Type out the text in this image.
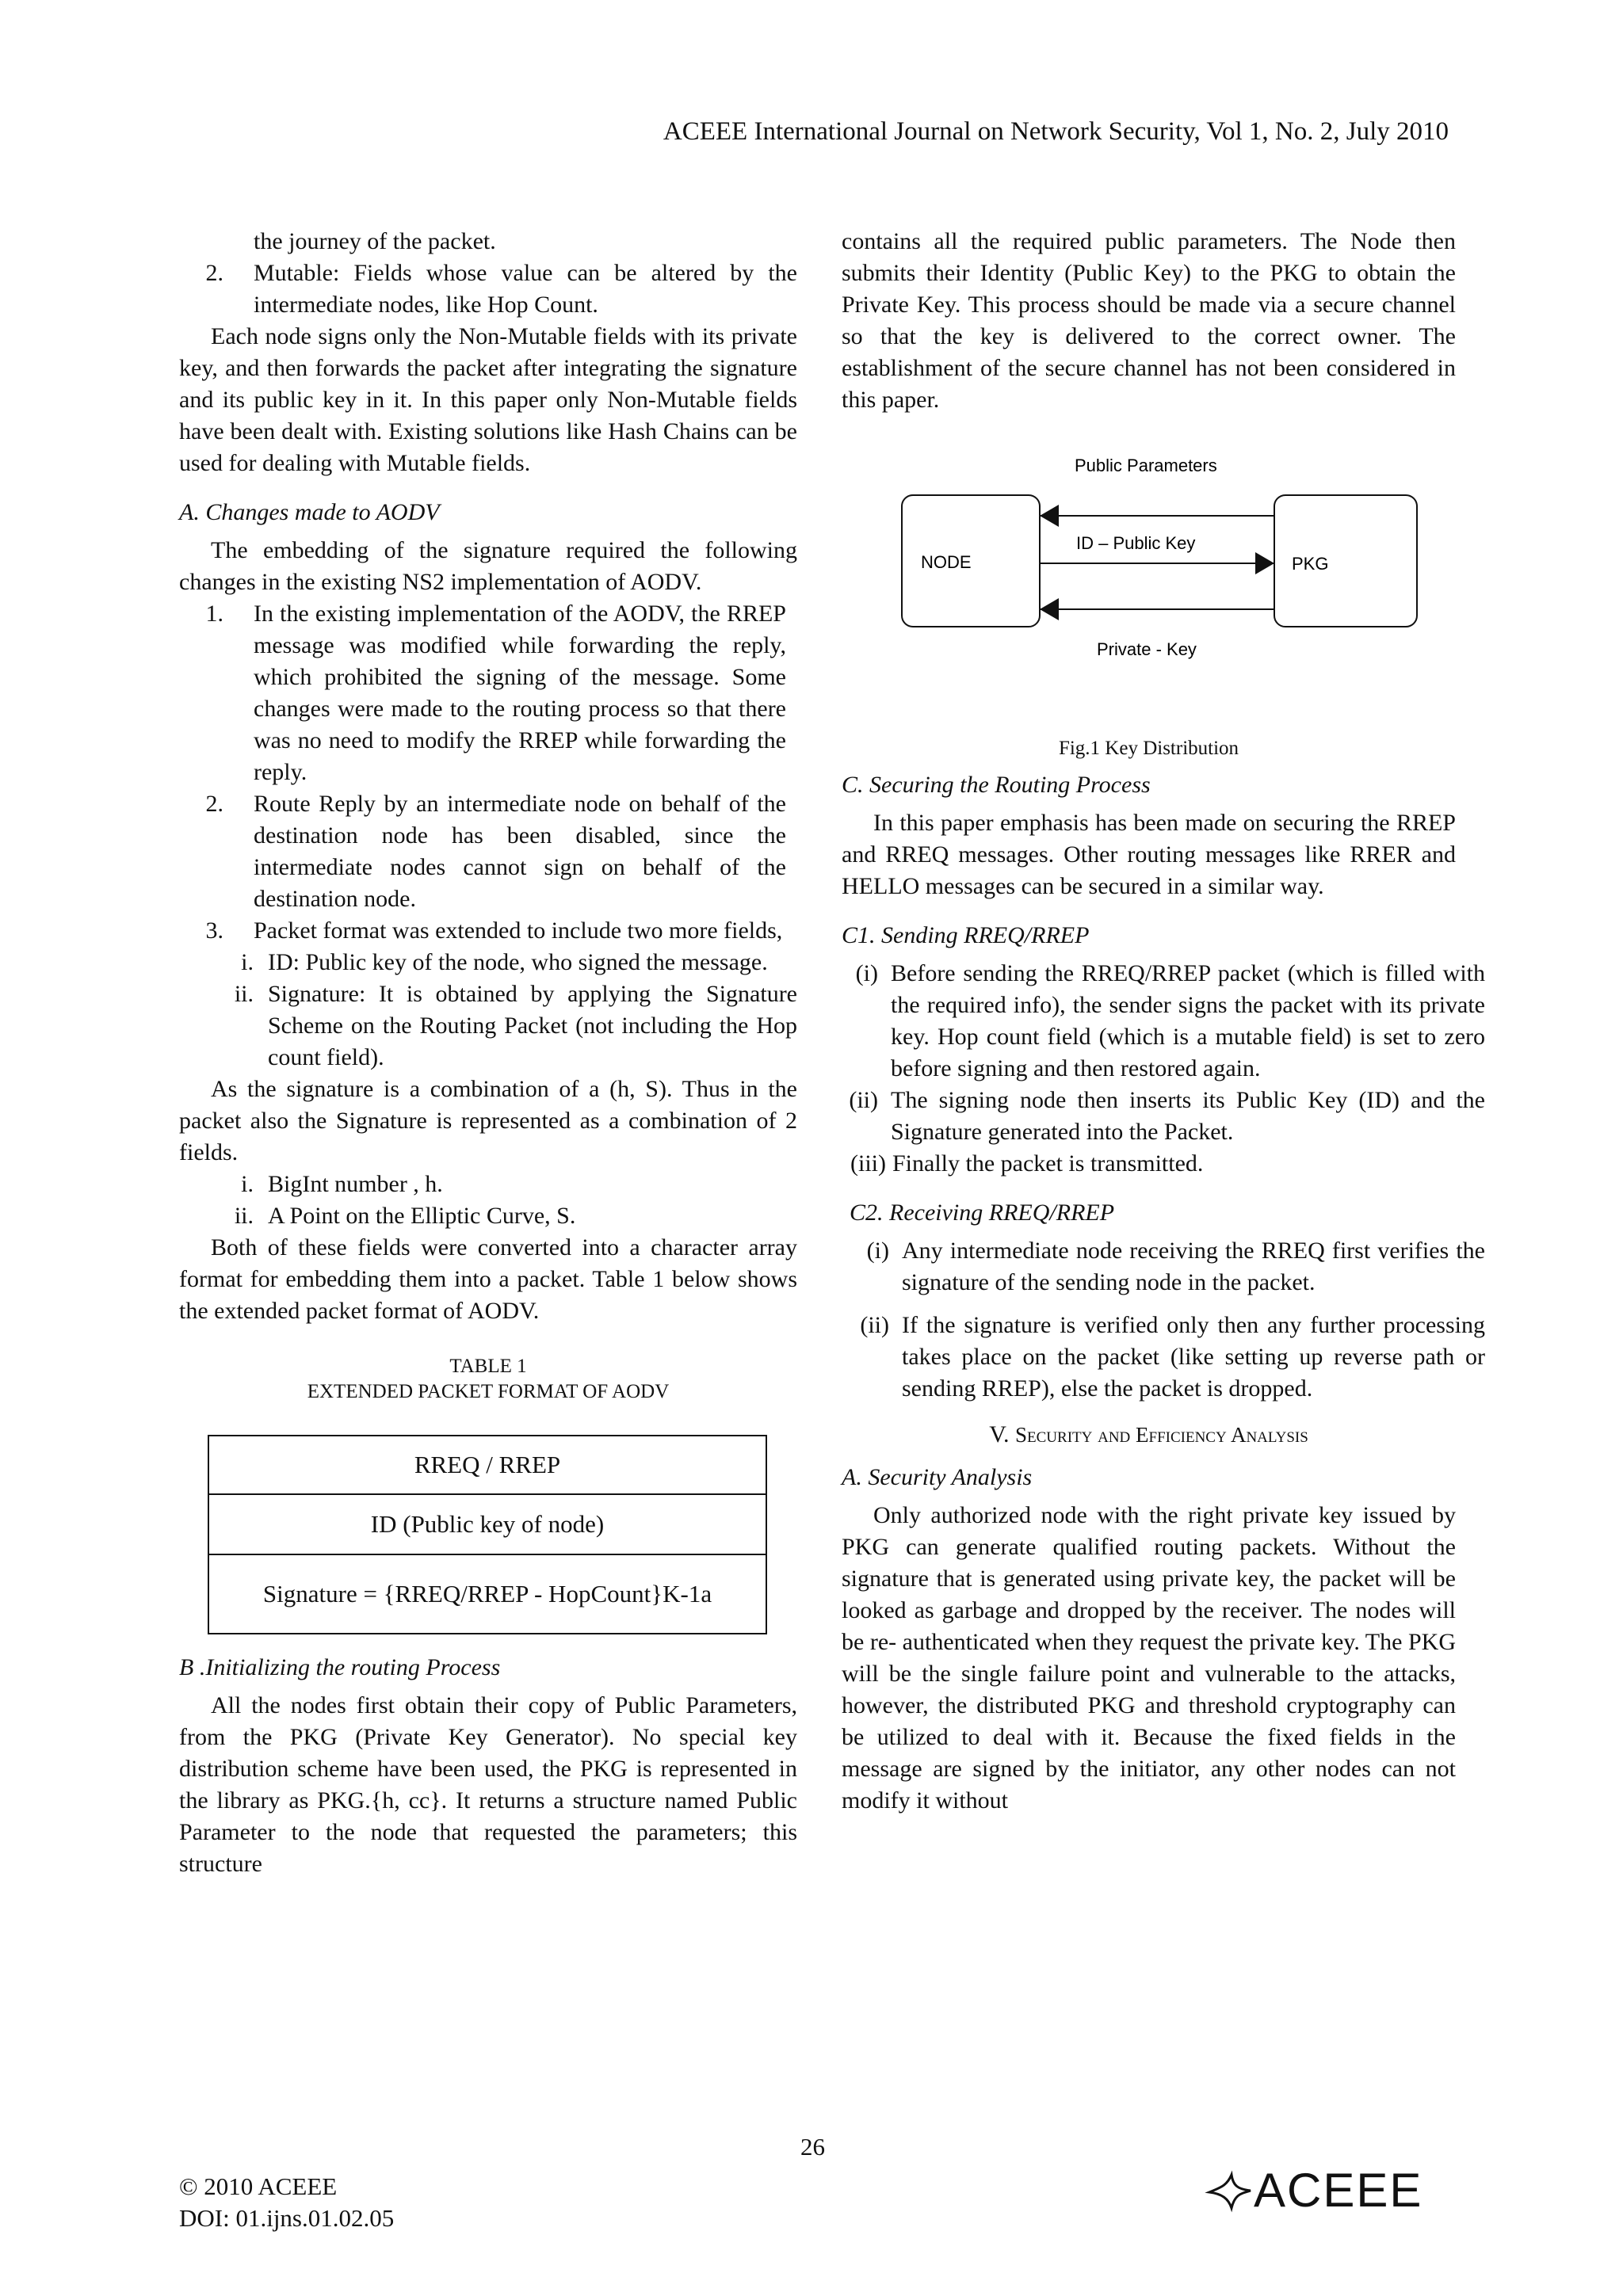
ACEEE International Journal on Network Security, Vol 1, No. 2, July 2010

the journey of the packet.

2.	Mutable: Fields whose value can be altered by the intermediate nodes, like Hop Count.

Each node signs only the Non-Mutable fields with its private key, and then forwards the packet after integrating the signature and its public key in it. In this paper only Non-Mutable fields have been dealt with. Existing solutions like Hash Chains can be used for dealing with Mutable fields.

A. Changes made to AODV

The embedding of the signature required the following changes in the existing NS2 implementation of AODV.

1.	In the existing implementation of the AODV, the RREP message was modified while forwarding the reply, which prohibited the signing of the message. Some changes were made to the routing process so that there was no need to modify the RREP while forwarding the reply.
2.	Route Reply by an intermediate node on behalf of the destination node has been disabled, since the intermediate nodes cannot sign on behalf of the destination node.
3.	Packet format was extended to include two more fields,
i. ID: Public key of the node, who signed the message.
ii. Signature: It is obtained by applying the Signature Scheme on the Routing Packet (not including the Hop count field).

As the signature is a combination of a (h, S). Thus in the packet also the Signature is represented as a combination of 2 fields.

i. BigInt number , h.
ii. A Point on the Elliptic Curve, S.

Both of these fields were converted into a character array format for embedding them into a packet. Table 1 below shows the extended packet format of AODV.

TABLE 1
EXTENDED PACKET FORMAT OF AODV
RREQ / RREP
ID (Public key of node)
Signature = {RREQ/RREP - HopCount}K-1a

B .Initializing the routing Process

All the nodes first obtain their copy of Public Parameters, from the PKG (Private Key Generator). No special key distribution scheme have been used, the PKG is represented in the library as PKG.{h, cc}. It returns a structure named Public Parameter to the node that requested the parameters; this structure

contains all the required public parameters. The Node then submits their Identity (Public Key) to the PKG to obtain the Private Key. This process should be made via a secure channel so that the key is delivered to the correct owner. The establishment of the secure channel has not been considered in this paper.

Public Parameters
NODE	PKG
ID – Public Key
Private - Key
Fig.1 Key Distribution

C. Securing the Routing Process

In this paper emphasis has been made on securing the RREP and RREQ messages. Other routing messages like RRER and HELLO messages can be secured in a similar way.

C1. Sending RREQ/RREP

(i) Before sending the RREQ/RREP packet (which is filled with the required info), the sender signs the packet with its private key. Hop count field (which is a mutable field) is set to zero before signing and then restored again.
(ii) The signing node then inserts its Public Key (ID) and the Signature generated into the Packet.
(iii) Finally the packet is transmitted.

C2. Receiving RREQ/RREP

(i) Any intermediate node receiving the RREQ first verifies the signature of the sending node in the packet.
(ii) If the signature is verified only then any further processing takes place on the packet (like setting up reverse path or sending RREP), else the packet is dropped.
V. Security and Efficiency Analysis

A. Security Analysis

Only authorized node with the right private key issued by PKG can generate qualified routing packets. Without the signature that is generated using private key, the packet will be looked as garbage and dropped by the receiver. The nodes will be re- authenticated when they request the private key. The PKG will be the single failure point and vulnerable to the attacks, however, the distributed PKG and threshold cryptography can be utilized to deal with it. Because the fixed fields in the message are signed by the initiator, any other nodes can not modify it without

26
© 2010 ACEEE
DOI: 01.ijns.01.02.05
ACEEE
